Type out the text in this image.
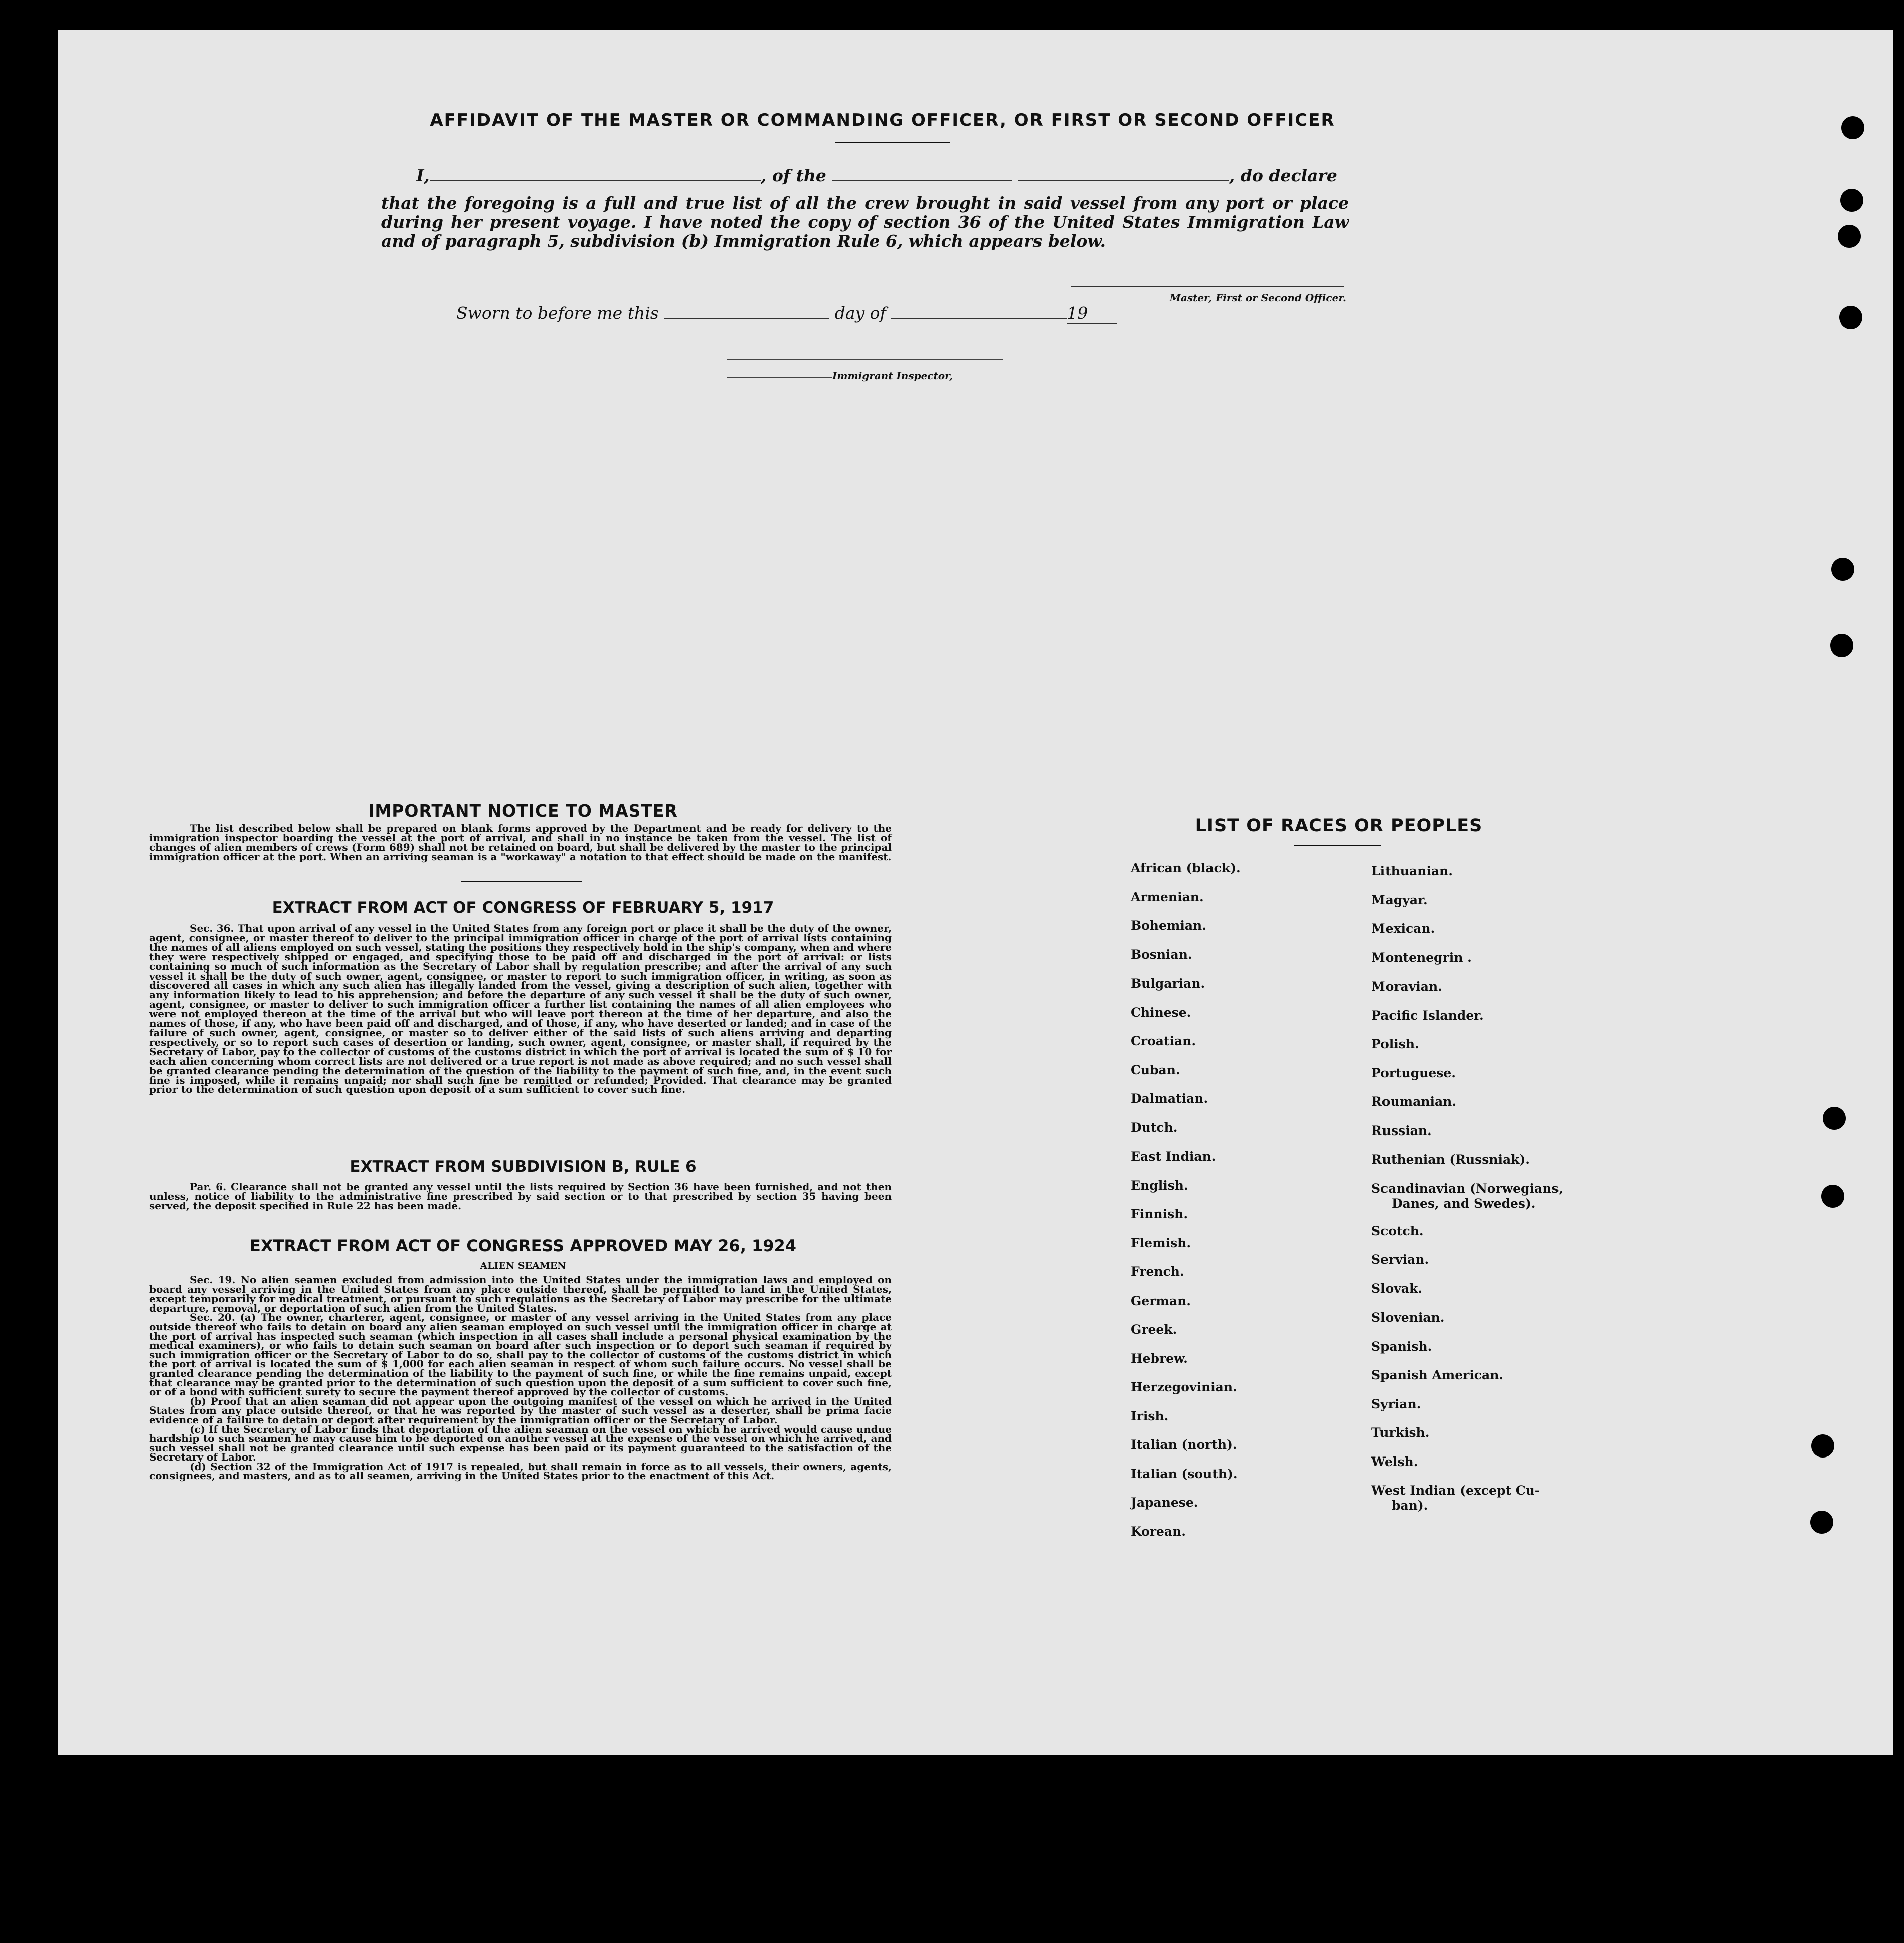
AFFIDAVIT OF THE MASTER OR COMMANDING OFFICER, OR FIRST OR SECOND OFFICER
I,	, of the	, do declare
that the foregoing is a full and true list of all the crew brought in said vessel from any port or place during her present voyage. I have noted the copy of section 36 of the United States Immigration Law and of paragraph 5, subdivision (b) Immigration Rule 6, which appears below.
Master, First or Second Officer.
Sworn to before me this	day of	19
Immigrant Inspector,
IMPORTANT NOTICE TO MASTER
The list described below shall be prepared on blank forms approved by the Department and be ready for delivery to the immigration inspector boarding the vessel at the port of arrival, and shall in no instance be taken from the vessel. The list of changes of alien members of crews (Form 689) shall not be retained on board, but shall be delivered by the master to the principal immigration officer at the port. When an arriving seaman is a "workaway" a notation to that effect should be made on the manifest.
EXTRACT FROM ACT OF CONGRESS OF FEBRUARY 5, 1917
Sec. 36. That upon arrival of any vessel in the United States from any foreign port or place it shall be the duty of the owner, agent, consignee, or master thereof to deliver to the principal immigration officer in charge of the port of arrival lists containing the names of all aliens employed on such vessel, stating the positions they respectively hold in the ship's company, when and where they were respectively shipped or engaged, and specifying those to be paid off and discharged in the port of arrival: or lists containing so much of such information as the Secretary of Labor shall by regulation prescribe; and after the arrival of any such vessel it shall be the duty of such owner, agent, consignee, or master to report to such immigration officer, in writing, as soon as discovered all cases in which any such alien has illegally landed from the vessel, giving a description of such alien, together with any information likely to lead to his apprehension; and before the departure of any such vessel it shall be the duty of such owner, agent, consignee, or master to deliver to such immigration officer a further list containing the names of all alien employees who were not employed thereon at the time of the arrival but who will leave port thereon at the time of her departure, and also the names of those, if any, who have been paid off and discharged, and of those, if any, who have deserted or landed; and in case of the failure of such owner, agent, consignee, or master so to deliver either of the said lists of such aliens arriving and departing respectively, or so to report such cases of desertion or landing, such owner, agent, consignee, or master shall, if required by the Secretary of Labor, pay to the collector of customs of the customs district in which the port of arrival is located the sum of $ 10 for each alien concerning whom correct lists are not delivered or a true report is not made as above required; and no such vessel shall be granted clearance pending the determination of the question of the liability to the payment of such fine, and, in the event such fine is imposed, while it remains unpaid; nor shall such fine be remitted or refunded; Provided. That clearance may be granted prior to the determination of such question upon deposit of a sum sufficient to cover such fine.
EXTRACT FROM SUBDIVISION B, RULE 6
Par. 6. Clearance shall not be granted any vessel until the lists required by Section 36 have been furnished, and not then unless, notice of liability to the administrative fine prescribed by said section or to that prescribed by section 35 having been served, the deposit specified in Rule 22 has been made.
EXTRACT FROM ACT OF CONGRESS APPROVED MAY 26, 1924
ALIEN SEAMEN
Sec. 19. No alien seamen excluded from admission into the United States under the immigration laws and employed on board any vessel arriving in the United States from any place outside thereof, shall be permitted to land in the United States, except temporarily for medical treatment, or pursuant to such regulations as the Secretary of Labor may prescribe for the ultimate departure, removal, or deportation of such alien from the United States.
Sec. 20. (a) The owner, charterer, agent, consignee, or master of any vessel arriving in the United States from any place outside thereof who fails to detain on board any alien seaman employed on such vessel until the immigration officer in charge at the port of arrival has inspected such seaman (which inspection in all cases shall include a personal physical examination by the medical examiners), or who fails to detain such seaman on board after such inspection or to deport such seaman if required by such immigration officer or the Secretary of Labor to do so, shall pay to the collector of customs of the customs district in which the port of arrival is located the sum of $ 1,000 for each alien seaman in respect of whom such failure occurs. No vessel shall be granted clearance pending the determination of the liability to the payment of such fine, or while the fine remains unpaid, except that clearance may be granted prior to the determination of such question upon the deposit of a sum sufficient to cover such fine, or of a bond with sufficient surety to secure the payment thereof approved by the collector of customs.
(b) Proof that an alien seaman did not appear upon the outgoing manifest of the vessel on which he arrived in the United States from any place outside thereof, or that he was reported by the master of such vessel as a deserter, shall be prima facie evidence of a failure to detain or deport after requirement by the immigration officer or the Secretary of Labor.
(c) If the Secretary of Labor finds that deportation of the alien seaman on the vessel on which he arrived would cause undue hardship to such seamen he may cause him to be deported on another vessel at the expense of the vessel on which he arrived, and such vessel shall not be granted clearance until such expense has been paid or its payment guaranteed to the satisfaction of the Secretary of Labor.
(d) Section 32 of the Immigration Act of 1917 is repealed, but shall remain in force as to all vessels, their owners, agents, consignees, and masters, and as to all seamen, arriving in the United States prior to the enactment of this Act.
LIST OF RACES OR PEOPLES
African (black).
Armenian.
Bohemian.
Bosnian.
Bulgarian.
Chinese.
Croatian.
Cuban.
Dalmatian.
Dutch.
East Indian.
English.
Finnish.
Flemish.
French.
German.
Greek.
Hebrew.
Herzegovinian.
Irish.
Italian (north).
Italian (south).
Japanese.
Korean.
Lithuanian.
Magyar.
Mexican.
Montenegrin .
Moravian.
Pacific Islander.
Polish.
Portuguese.
Roumanian.
Russian.
Ruthenian (Russniak).
Scandinavian (Norwegians,
Danes, and Swedes).
Scotch.
Servian.
Slovak.
Slovenian.
Spanish.
Spanish American.
Syrian.
Turkish.
Welsh.
West Indian (except Cu-
ban).
